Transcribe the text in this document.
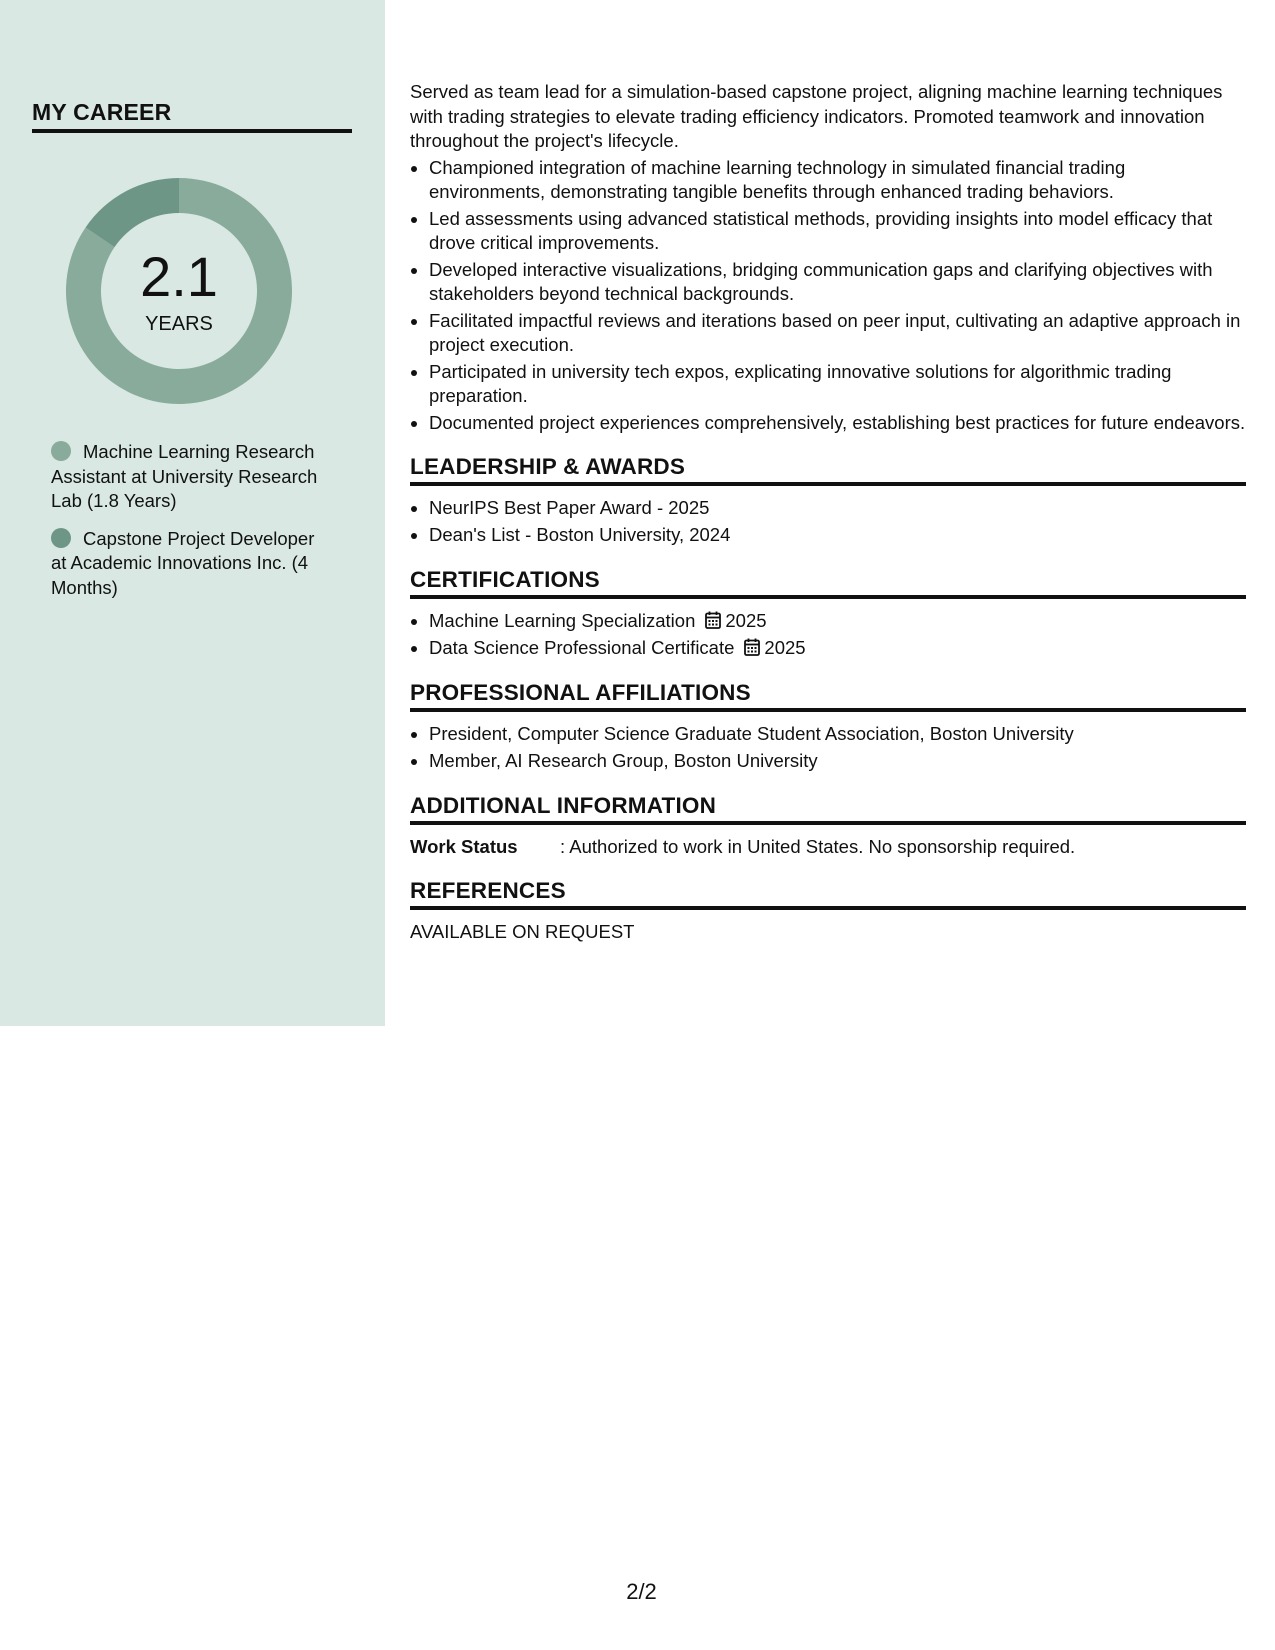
MY CAREER
2.1
YEARS
Machine Learning Research Assistant at University Research Lab (1.8 Years)
Capstone Project Developer at Academic Innovations Inc. (4 Months)

Served as team lead for a simulation-based capstone project, aligning machine learning techniques with trading strategies to elevate trading efficiency indicators. Promoted teamwork and innovation throughout the project's lifecycle.

• Championed integration of machine learning technology in simulated financial trading environments, demonstrating tangible benefits through enhanced trading behaviors.
• Led assessments using advanced statistical methods, providing insights into model efficacy that drove critical improvements.
• Developed interactive visualizations, bridging communication gaps and clarifying objectives with stakeholders beyond technical backgrounds.
• Facilitated impactful reviews and iterations based on peer input, cultivating an adaptive approach in project execution.
• Participated in university tech expos, explicating innovative solutions for algorithmic trading preparation.
• Documented project experiences comprehensively, establishing best practices for future endeavors.
LEADERSHIP & AWARDS
• NeurIPS Best Paper Award - 2025
• Dean's List - Boston University, 2024
CERTIFICATIONS
• Machine Learning Specialization 2025
• Data Science Professional Certificate 2025
PROFESSIONAL AFFILIATIONS
• President, Computer Science Graduate Student Association, Boston University
• Member, AI Research Group, Boston University
ADDITIONAL INFORMATION
Work Status : Authorized to work in United States. No sponsorship required.
REFERENCES
AVAILABLE ON REQUEST
2/2
